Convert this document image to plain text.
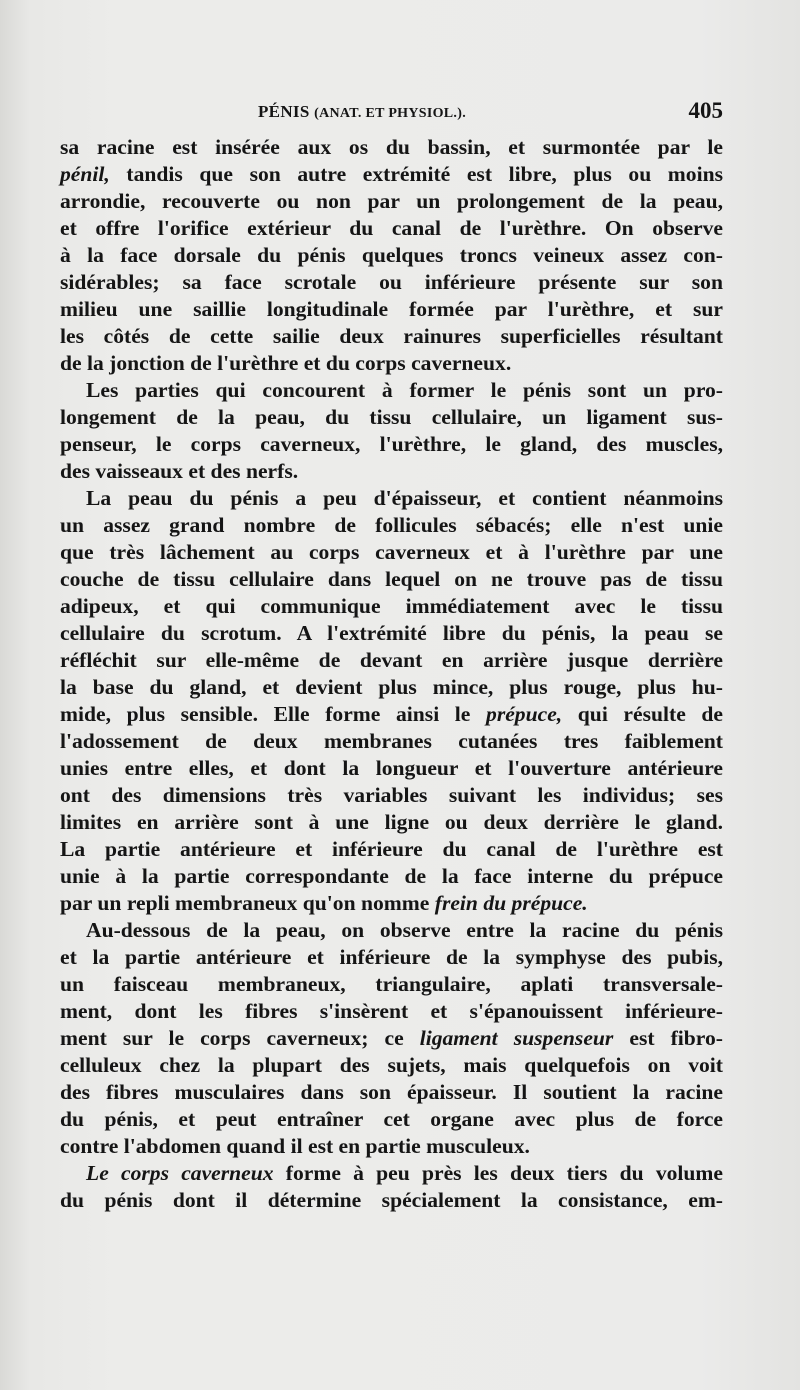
PÉNIS (ANAT. ET PHYSIOL.).	405
sa racine est insérée aux os du bassin, et surmontée par le
pénil, tandis que son autre extrémité est libre, plus ou moins
arrondie, recouverte ou non par un prolongement de la peau,
et offre l'orifice extérieur du canal de l'urèthre. On observe
à la face dorsale du pénis quelques troncs veineux assez con-
sidérables; sa face scrotale ou inférieure présente sur son
milieu une saillie longitudinale formée par l'urèthre, et sur
les côtés de cette sailie deux rainures superficielles résultant
de la jonction de l'urèthre et du corps caverneux.
Les parties qui concourent à former le pénis sont un pro-
longement de la peau, du tissu cellulaire, un ligament sus-
penseur, le corps caverneux, l'urèthre, le gland, des muscles,
des vaisseaux et des nerfs.
La peau du pénis a peu d'épaisseur, et contient néanmoins
un assez grand nombre de follicules sébacés; elle n'est unie
que très lâchement au corps caverneux et à l'urèthre par une
couche de tissu cellulaire dans lequel on ne trouve pas de tissu
adipeux, et qui communique immédiatement avec le tissu
cellulaire du scrotum. A l'extrémité libre du pénis, la peau se
réfléchit sur elle-même de devant en arrière jusque derrière
la base du gland, et devient plus mince, plus rouge, plus hu-
mide, plus sensible. Elle forme ainsi le prépuce, qui résulte de
l'adossement de deux membranes cutanées tres faiblement
unies entre elles, et dont la longueur et l'ouverture antérieure
ont des dimensions très variables suivant les individus; ses
limites en arrière sont à une ligne ou deux derrière le gland.
La partie antérieure et inférieure du canal de l'urèthre est
unie à la partie correspondante de la face interne du prépuce
par un repli membraneux qu'on nomme frein du prépuce.
Au-dessous de la peau, on observe entre la racine du pénis
et la partie antérieure et inférieure de la symphyse des pubis,
un faisceau membraneux, triangulaire, aplati transversale-
ment, dont les fibres s'insèrent et s'épanouissent inférieure-
ment sur le corps caverneux; ce ligament suspenseur est fibro-
celluleux chez la plupart des sujets, mais quelquefois on voit
des fibres musculaires dans son épaisseur. Il soutient la racine
du pénis, et peut entraîner cet organe avec plus de force
contre l'abdomen quand il est en partie musculeux.
Le corps caverneux forme à peu près les deux tiers du volume
du pénis dont il détermine spécialement la consistance, em-
